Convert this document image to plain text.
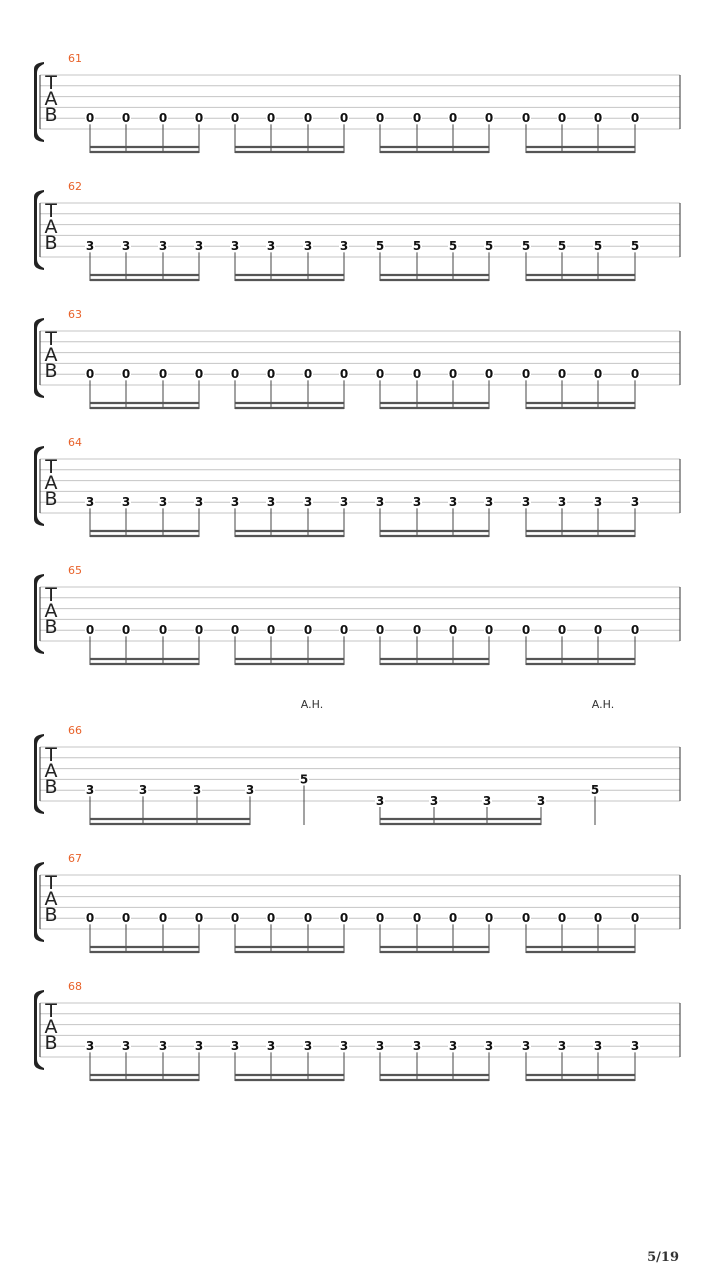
T
A
B
61
0 0 0 0 0 0 0 0 0 0 0 0 0 0 0 0
T
A
B
62
3 3 3 3 3 3 3 3 5 5 5 5 5 5 5 5
T
A
B
63
0 0 0 0 0 0 0 0 0 0 0 0 0 0 0 0
T
A
B
64
3 3 3 3 3 3 3 3 3 3 3 3 3 3 3 3
T
A
B
65
0 0 0 0 0 0 0 0 0 0 0 0 0 0 0 0
T
A
B
66
3	3	3	3
5
A.H.
3	3	3	3
5
A.H.
T
A
B
67
0 0 0 0 0 0 0 0 0 0 0 0 0 0 0 0
T
A
B
68
3 3 3 3 3 3 3 3 3 3 3 3 3 3 3 3
5/19
